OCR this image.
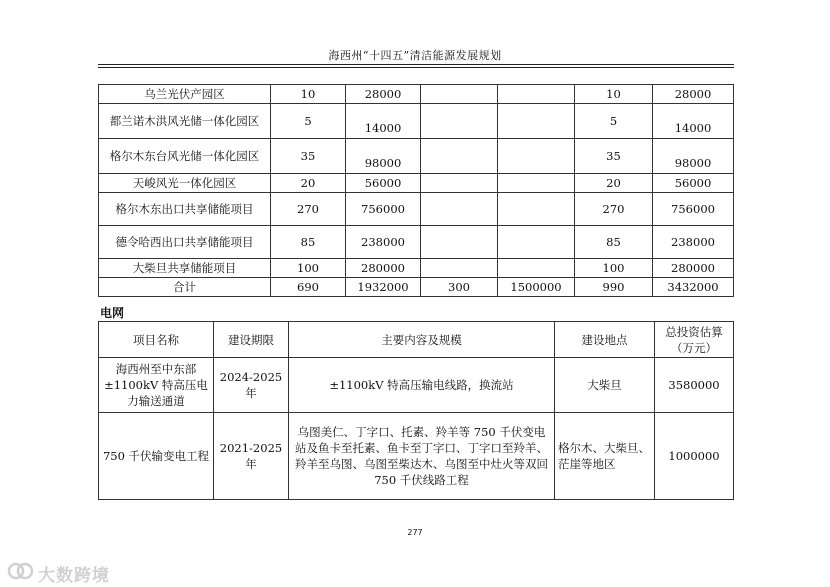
海西州“十四五”清洁能源发展规划
乌兰光伏产园区	10	28000			10	28000
都兰诺木洪风光储一体化园区	5	14000			5	14000
格尔木东台风光储一体化园区	35	98000			35	98000
天峻风光一体化园区	20	56000			20	56000
格尔木东出口共享储能项目	270	756000			270	756000
德令哈西出口共享储能项目	85	238000			85	238000
大柴旦共享储能项目	100	280000			100	280000
合计	690	1932000	300	1500000	990	3432000
电网
项目名称	建设期限	主要内容及规模	建设地点	总投资估算（万元）
海西州至中东部±1100kV 特高压电力输送通道	2024-2025年	±1100kV 特高压输电线路，换流站	大柴旦	3580000
750 千伏输变电工程	2021-2025年	乌图美仁、丁字口、托素、羚羊等 750 千伏变电站及鱼卡至托素、鱼卡至丁字口、丁字口至羚羊、羚羊至乌图、乌图至柴达木、乌图至中灶火等双回 750 千伏线路工程	格尔木、大柴旦、茫崖等地区	1000000
277
大数跨境
